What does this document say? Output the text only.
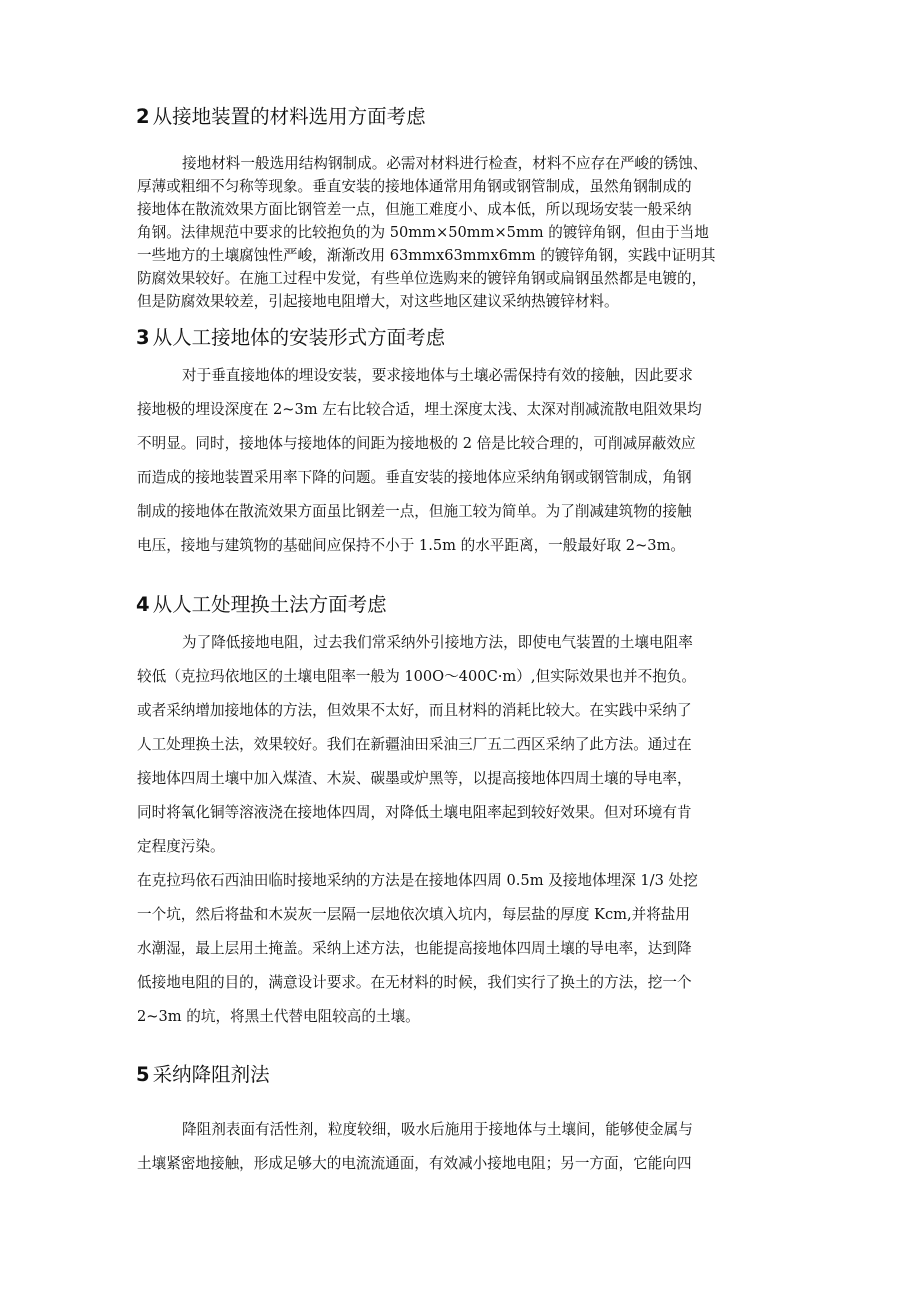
2 从接地装置的材料选用方面考虑

接地材料一般选用结构钢制成。必需对材料进行检查，材料不应存在严峻的锈蚀、

厚薄或粗细不匀称等现象。垂直安装的接地体通常用角钢或钢管制成，虽然角钢制成的

接地体在散流效果方面比钢管差一点，但施工难度小、成本低，所以现场安装一般采纳

角钢。法律规范中要求的比较抱负的为 50mm×50mm×5mm 的镀锌角钢，但由于当地

一些地方的土壤腐蚀性严峻，渐渐改用 63mmx63mmx6mm 的镀锌角钢，实践中证明其

防腐效果较好。在施工过程中发觉，有些单位选购来的镀锌角钢或扁钢虽然都是电镀的，

但是防腐效果较差，引起接地电阻增大，对这些地区建议采纳热镀锌材料。

3 从人工接地体的安装形式方面考虑

对于垂直接地体的埋设安装，要求接地体与土壤必需保持有效的接触，因此要求

接地极的埋设深度在 2~3m 左右比较合适，埋土深度太浅、太深对削减流散电阻效果均

不明显。同时，接地体与接地体的间距为接地极的 2 倍是比较合理的，可削减屏蔽效应

而造成的接地装置采用率下降的问题。垂直安装的接地体应采纳角钢或钢管制成，角钢

制成的接地体在散流效果方面虽比钢差一点，但施工较为简单。为了削减建筑物的接触

电压，接地与建筑物的基础间应保持不小于 1.5m 的水平距离，一般最好取 2~3m。

4 从人工处理换土法方面考虑

为了降低接地电阻，过去我们常采纳外引接地方法，即使电气装置的土壤电阻率

较低（克拉玛依地区的土壤电阻率一般为 100O～400C·m）,但实际效果也并不抱负。

或者采纳增加接地体的方法，但效果不太好，而且材料的消耗比较大。在实践中采纳了

人工处理换土法，效果较好。我们在新疆油田采油三厂五二西区采纳了此方法。通过在

接地体四周土壤中加入煤渣、木炭、碳墨或炉黑等，以提高接地体四周土壤的导电率，

同时将氧化铜等溶液浇在接地体四周，对降低土壤电阻率起到较好效果。但对环境有肯

定程度污染。

在克拉玛依石西油田临时接地采纳的方法是在接地体四周 0.5m 及接地体埋深 1/3 处挖

一个坑，然后将盐和木炭灰一层隔一层地依次填入坑内，每层盐的厚度 Kcm,并将盐用

水潮湿，最上层用土掩盖。采纳上述方法，也能提高接地体四周土壤的导电率，达到降

低接地电阻的目的，满意设计要求。在无材料的时候，我们实行了换土的方法，挖一个

2~3m 的坑，将黑土代替电阻较高的土壤。

5 采纳降阻剂法

降阻剂表面有活性剂，粒度较细，吸水后施用于接地体与土壤间，能够使金属与

土壤紧密地接触，形成足够大的电流流通面，有效减小接地电阻；另一方面，它能向四
